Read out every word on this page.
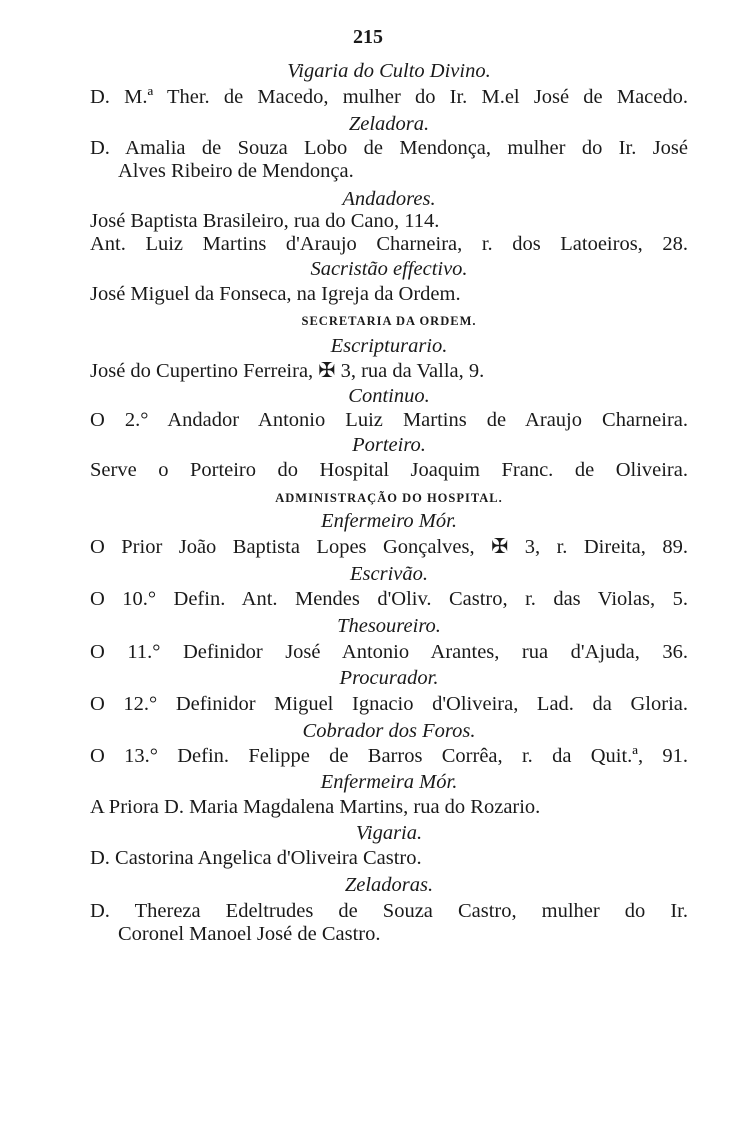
215
Vigaria do Culto Divino.
D. M.ª Ther. de Macedo, mulher do Ir. M.el José de Macedo.
Zeladora.
D. Amalia de Souza Lobo de Mendonça, mulher do Ir. José
Alves Ribeiro de Mendonça.
Andadores.
José Baptista Brasileiro, rua do Cano, 114.
Ant. Luiz Martins d'Araujo Charneira, r. dos Latoeiros, 28.
Sacristão effectivo.
José Miguel da Fonseca, na Igreja da Ordem.
SECRETARIA DA ORDEM.
Escripturario.
José do Cupertino Ferreira, ✠ 3, rua da Valla, 9.
Continuo.
O 2.° Andador Antonio Luiz Martins de Araujo Charneira.
Porteiro.
Serve o Porteiro do Hospital Joaquim Franc. de Oliveira.
ADMINISTRAÇÃO DO HOSPITAL.
Enfermeiro Mór.
O Prior João Baptista Lopes Gonçalves, ✠ 3, r. Direita, 89.
Escrivão.
O 10.° Defin. Ant. Mendes d'Oliv. Castro, r. das Violas, 5.
Thesoureiro.
O 11.° Definidor José Antonio Arantes, rua d'Ajuda, 36.
Procurador.
O 12.° Definidor Miguel Ignacio d'Oliveira, Lad. da Gloria.
Cobrador dos Foros.
O 13.° Defin. Felippe de Barros Corrêa, r. da Quit.ª, 91.
Enfermeira Mór.
A Priora D. Maria Magdalena Martins, rua do Rozario.
Vigaria.
D. Castorina Angelica d'Oliveira Castro.
Zeladoras.
D. Thereza Edeltrudes de Souza Castro, mulher do Ir.
Coronel Manoel José de Castro.
